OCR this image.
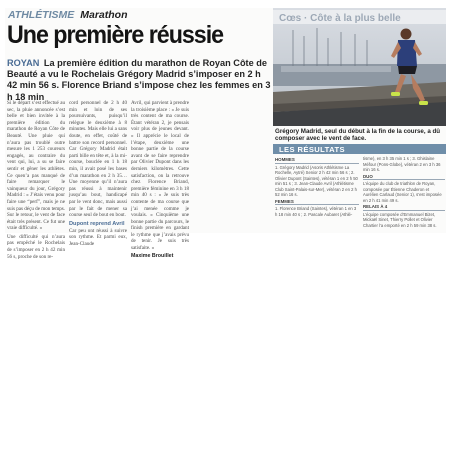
ATHLÉTISME Marathon
Une première réussie
ROYAN La première édition du marathon de Royan Côte de Beauté a vu le Rochelais Grégory Madrid s’imposer en 2 h 42 min 56 s. Florence Briand s’impose chez les femmes en 3 h 18 min

Si le départ s’est effectué au sec, la pluie annoncée s’est belle et bien invitée à la première édition du marathon de Royan Côte de Beauté. Une pluie qui n’aura pas troublé outre mesure les 1 253 coureurs engagés, au contraire du vent qui, lui, a su se faire sentir et gêner les athlètes. Ce quen’a pas manqué de faire remarquer le vainqueur du jour, Grégory Madrid : « J’étais venu pour faire une “perf”, mais je ne suis pas déçu de mon temps. Sur le retour, le vent de face était très présent. Ce fut une vraie difficulté. »

Une difficulté qui n’aura pas empêché le Rochelais de s’imposer en 2 h 42 min 56 s, proche de son re-

cord personnel de 2 h 40 min et loin de ses poursuivants, puisqu’il relègue le deuxième à 8 minutes. Mais elle lui a sans doute, en effet, coûté de battre son record personnel. Car Grégory Madrid était parti bille en tête et, à la mi-course, bouclée en 1 h 18 min, il avait posé les bases d’un marathon en 2 h 35… Une moyenne qu’il n’aura pas réussi à maintenir jusqu’au bout, handicapé par le vent donc, mais aussi par le fait de mener sa course seul de bout en bout.

Dupont reprend Avril

Car peu ont réussi à suivre son rythme. Et parmi eux, Jean-Claude

Avril, qui parvient à prendre la troisième place : « Je suis très content de ma course. Étant vétéran 2, je pensais voir plus de jeunes devant. » Il apprécie le local de l’étape, deuxième une bonne partie de la course avant de se faire reprendre par Olivier Dupont dans les derniers kilomètres. Cette satisfaction, on la retrouve chez Florence Briand, première féminine en 3 h 18 min 40 s : « Je suis très contente de ma course que j’ai menée comme je voulais. » Cinquième une bonne partie du parcours, le finish première en gardant le rythme que j’avais prévu de tenir. Je suis très satisfaite. »

Maxime Brouillet
Cœs · Côte à la plus belle
Grégory Madrid, seul du début à la fin de la course, a dû composer avec le vent de face.
LES RÉSULTATS
HOMMES

1. Grégory Madrid (Asoris Athlétisme La Rochelle, Aytré) Senior 2 h 42 min 56 s ; 2. Olivier Dupont (Saintes), vétéran 1 en 2 h 50 min 51 s ; 3. Jean-Claude Avril (Athlétisme Club Saint-Palais-sur-Mer), vétéran 2 en 2 h 52 min 16 s.

FEMMES

1. Florence Briand (Saintes), vétéran 1 en 3 h 18 min 40 s ; 2. Pascale Aubaret (Athlé-

tisme), en 3 h 35 min 1 s ; 3. Ghislaine Méfour (Pons-Globe), vétéran 2 en 3 h 36 min 16 s.

DUO

L’équipe du club de triathlon de Royan, composée par Étienne Chaderon et Aurélien Carlaud (Senior 1), s’est imposée en 2 h 41 min 49 s.

RELAIS À 4

L’équipe composée d’Emmanuel Bizet, Mickaël Sinet, Thierry Pollet et Olivier Chartier l’a emporté en 2 h 59 min 38 s.
